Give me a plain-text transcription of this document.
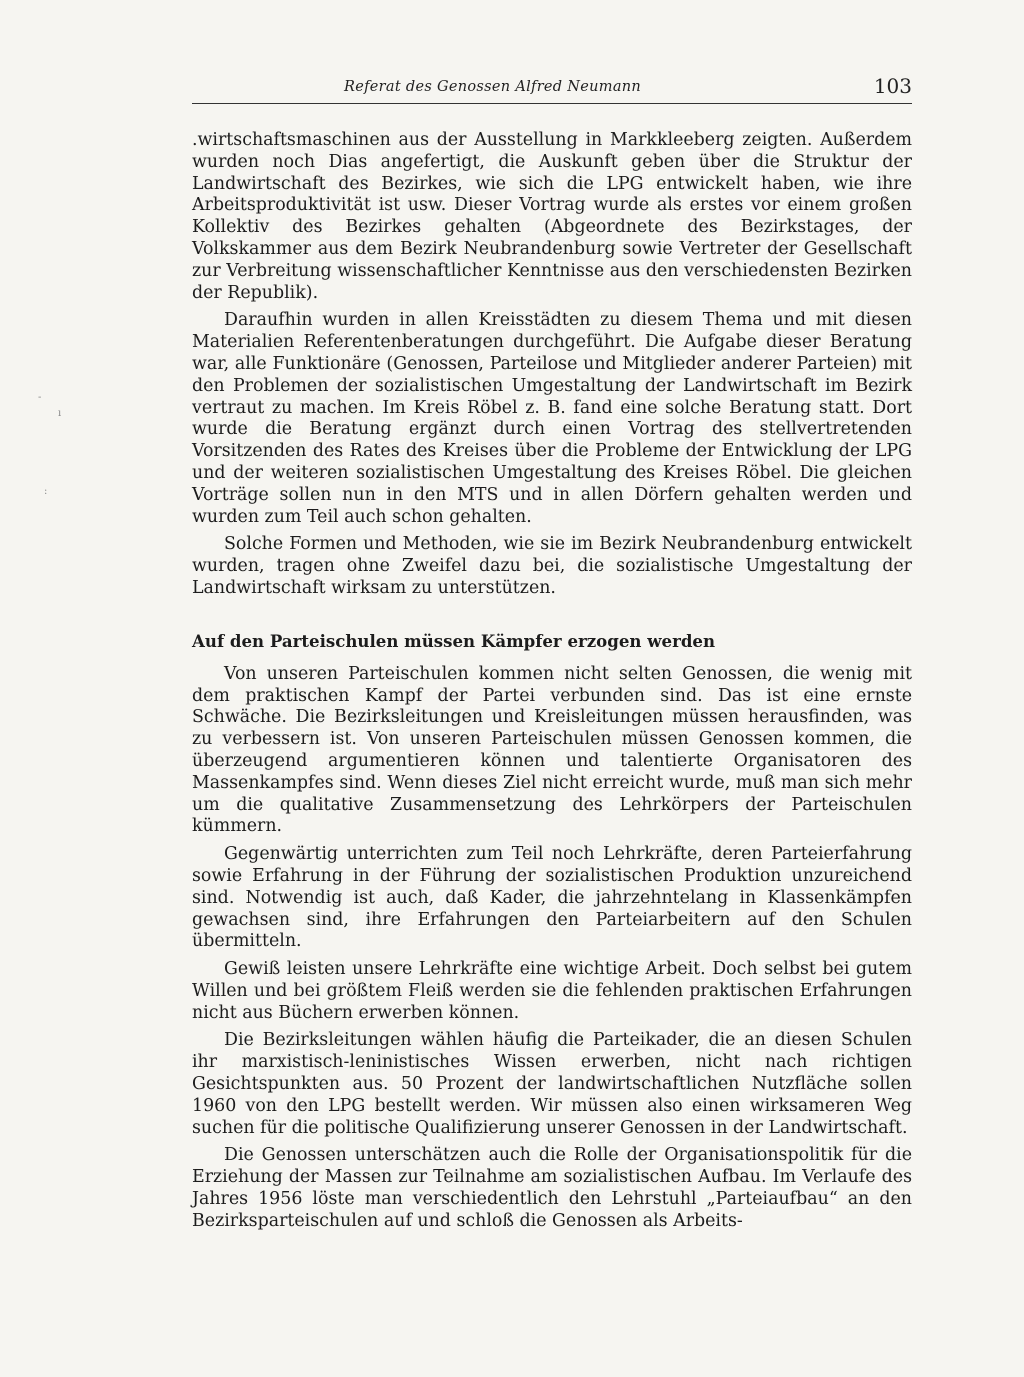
Referat des Genossen Alfred Neumann	103
‐
ı
:

.wirtschaftsmaschinen aus der Ausstellung in Markkleeberg zeigten. Außerdem wurden noch Dias angefertigt, die Auskunft geben über die Struktur der Landwirtschaft des Bezirkes, wie sich die LPG entwickelt haben, wie ihre Arbeitsproduktivität ist usw. Dieser Vortrag wurde als erstes vor einem großen Kollektiv des Bezirkes gehalten (Abgeordnete des Bezirkstages, der Volkskammer aus dem Bezirk Neubrandenburg sowie Vertreter der Gesellschaft zur Verbreitung wissenschaftlicher Kenntnisse aus den verschiedensten Bezirken der Republik).

Daraufhin wurden in allen Kreisstädten zu diesem Thema und mit diesen Materialien Referentenberatungen durchgeführt. Die Aufgabe dieser Beratung war, alle Funktionäre (Genossen, Parteilose und Mitglieder anderer Parteien) mit den Problemen der sozialistischen Umgestaltung der Landwirtschaft im Bezirk vertraut zu machen. Im Kreis Röbel z. B. fand eine solche Beratung statt. Dort wurde die Beratung ergänzt durch einen Vortrag des stellvertretenden Vorsitzenden des Rates des Kreises über die Probleme der Entwicklung der LPG und der weiteren sozialistischen Umgestaltung des Kreises Röbel. Die gleichen Vorträge sollen nun in den MTS und in allen Dörfern gehalten werden und wurden zum Teil auch schon gehalten.

Solche Formen und Methoden, wie sie im Bezirk Neubrandenburg entwickelt wurden, tragen ohne Zweifel dazu bei, die sozialistische Umgestaltung der Landwirtschaft wirksam zu unterstützen.

Auf den Parteischulen müssen Kämpfer erzogen werden

Von unseren Parteischulen kommen nicht selten Genossen, die wenig mit dem praktischen Kampf der Partei verbunden sind. Das ist eine ernste Schwäche. Die Bezirksleitungen und Kreisleitungen müssen herausfinden, was zu verbessern ist. Von unseren Parteischulen müssen Genossen kommen, die überzeugend argumentieren können und talentierte Organisatoren des Massenkampfes sind. Wenn dieses Ziel nicht erreicht wurde, muß man sich mehr um die qualitative Zusammensetzung des Lehrkörpers der Parteischulen kümmern.

Gegenwärtig unterrichten zum Teil noch Lehrkräfte, deren Parteierfahrung sowie Erfahrung in der Führung der sozialistischen Produktion unzureichend sind. Notwendig ist auch, daß Kader, die jahrzehntelang in Klassenkämpfen gewachsen sind, ihre Erfahrungen den Parteiarbeitern auf den Schulen übermitteln.

Gewiß leisten unsere Lehrkräfte eine wichtige Arbeit. Doch selbst bei gutem Willen und bei größtem Fleiß werden sie die fehlenden praktischen Erfahrungen nicht aus Büchern erwerben können.

Die Bezirksleitungen wählen häufig die Parteikader, die an diesen Schulen ihr marxistisch-leninistisches Wissen erwerben, nicht nach richtigen Gesichtspunkten aus. 50 Prozent der landwirtschaftlichen Nutzfläche sollen 1960 von den LPG bestellt werden. Wir müssen also einen wirksameren Weg suchen für die politische Qualifizierung unserer Genossen in der Landwirtschaft.

Die Genossen unterschätzen auch die Rolle der Organisationspolitik für die Erziehung der Massen zur Teilnahme am sozialistischen Aufbau. Im Verlaufe des Jahres 1956 löste man verschiedentlich den Lehrstuhl „Parteiaufbau“ an den Bezirksparteischulen auf und schloß die Genossen als Arbeits-
